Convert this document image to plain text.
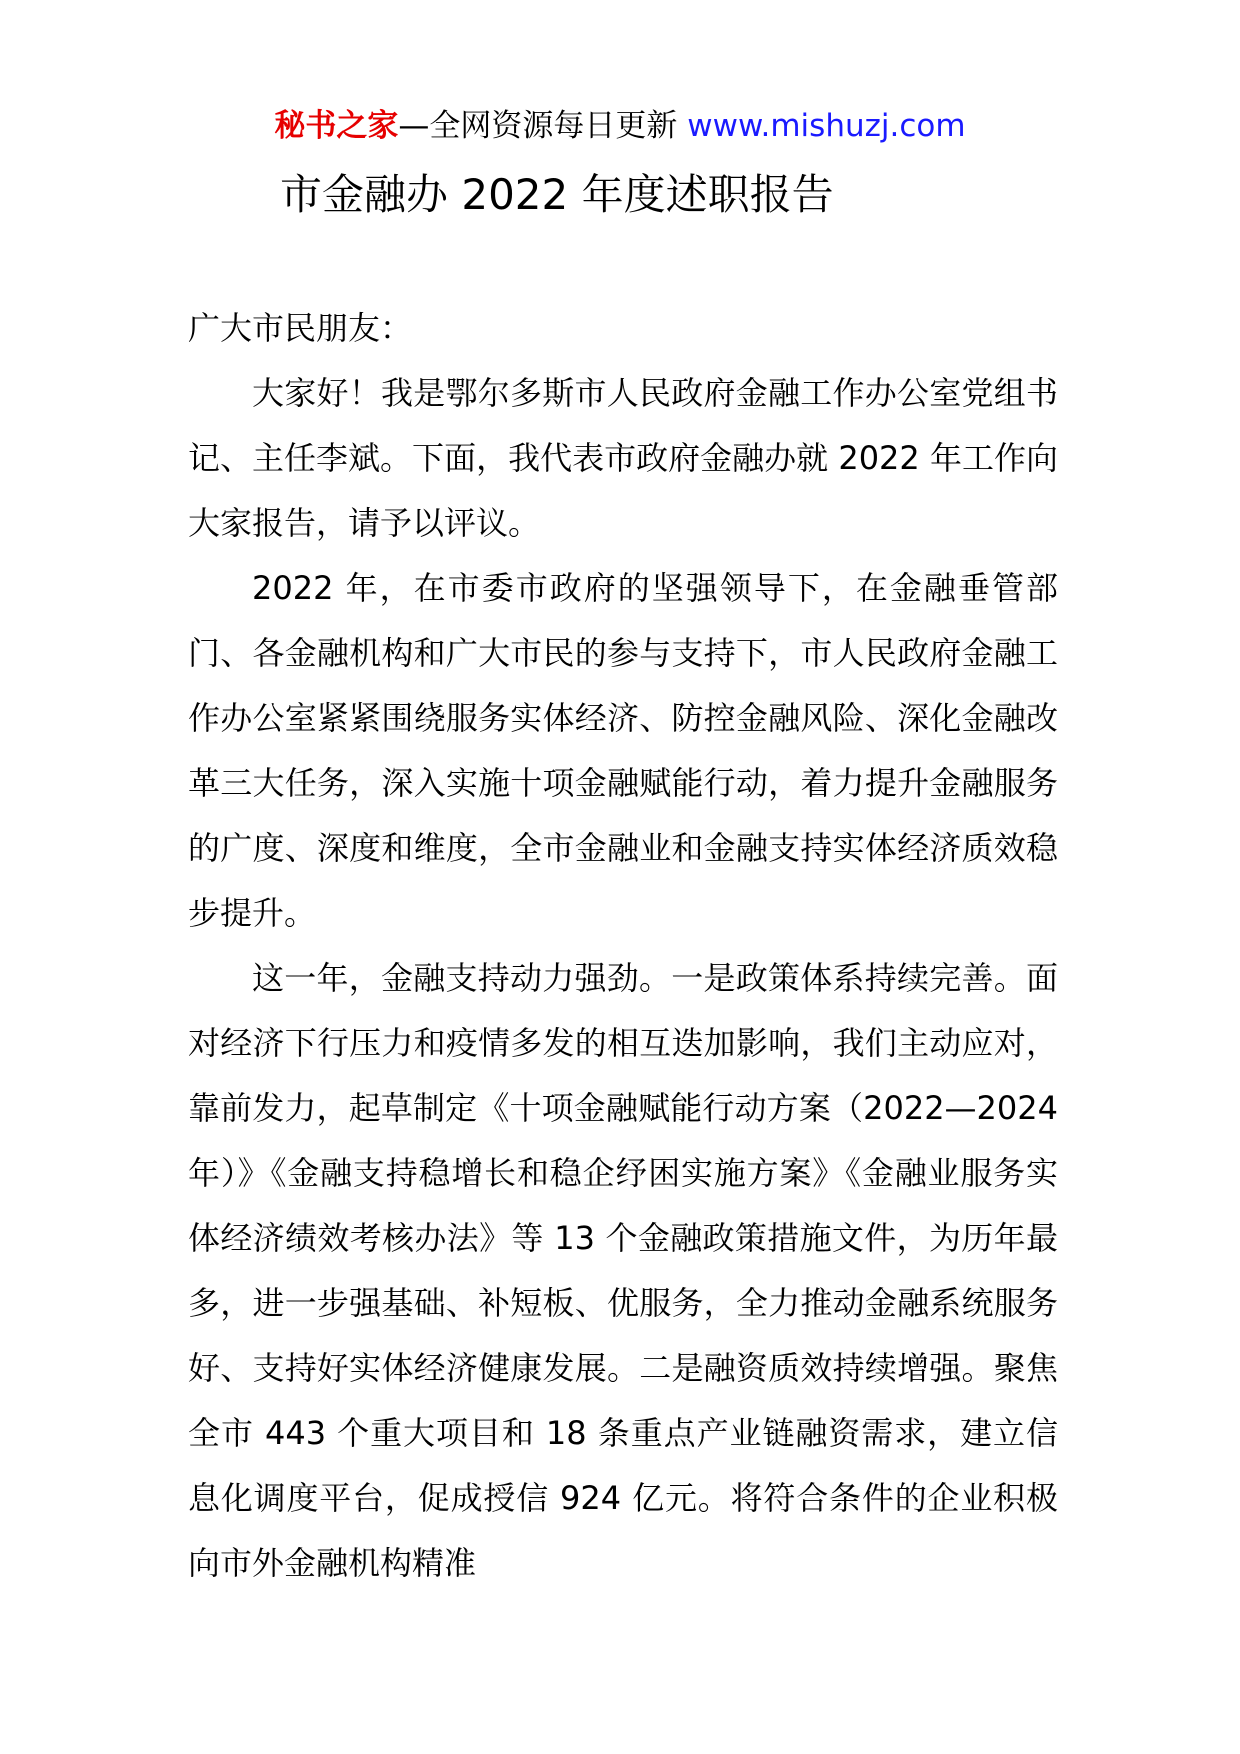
秘书之家—全网资源每日更新 www.mishuzj.com
市金融办 2022 年度述职报告

广大市民朋友：

大家好！我是鄂尔多斯市人民政府金融工作办公室党组书记、主任李斌。下面，我代表市政府金融办就 2022 年工作向大家报告，请予以评议。

2022 年，在市委市政府的坚强领导下，在金融垂管部门、各金融机构和广大市民的参与支持下，市人民政府金融工作办公室紧紧围绕服务实体经济、防控金融风险、深化金融改革三大任务，深入实施十项金融赋能行动，着力提升金融服务的广度、深度和维度，全市金融业和金融支持实体经济质效稳步提升。

这一年，金融支持动力强劲。一是政策体系持续完善。面对经济下行压力和疫情多发的相互迭加影响，我们主动应对，靠前发力，起草制定《十项金融赋能行动方案（2022—2024 年）》《金融支持稳增长和稳企纾困实施方案》《金融业服务实体经济绩效考核办法》等 13 个金融政策措施文件，为历年最多，进一步强基础、补短板、优服务，全力推动金融系统服务好、支持好实体经济健康发展。二是融资质效持续增强。聚焦全市 443 个重大项目和 18 条重点产业链融资需求，建立信息化调度平台，促成授信 924 亿元。将符合条件的企业积极向市外金融机构精准
